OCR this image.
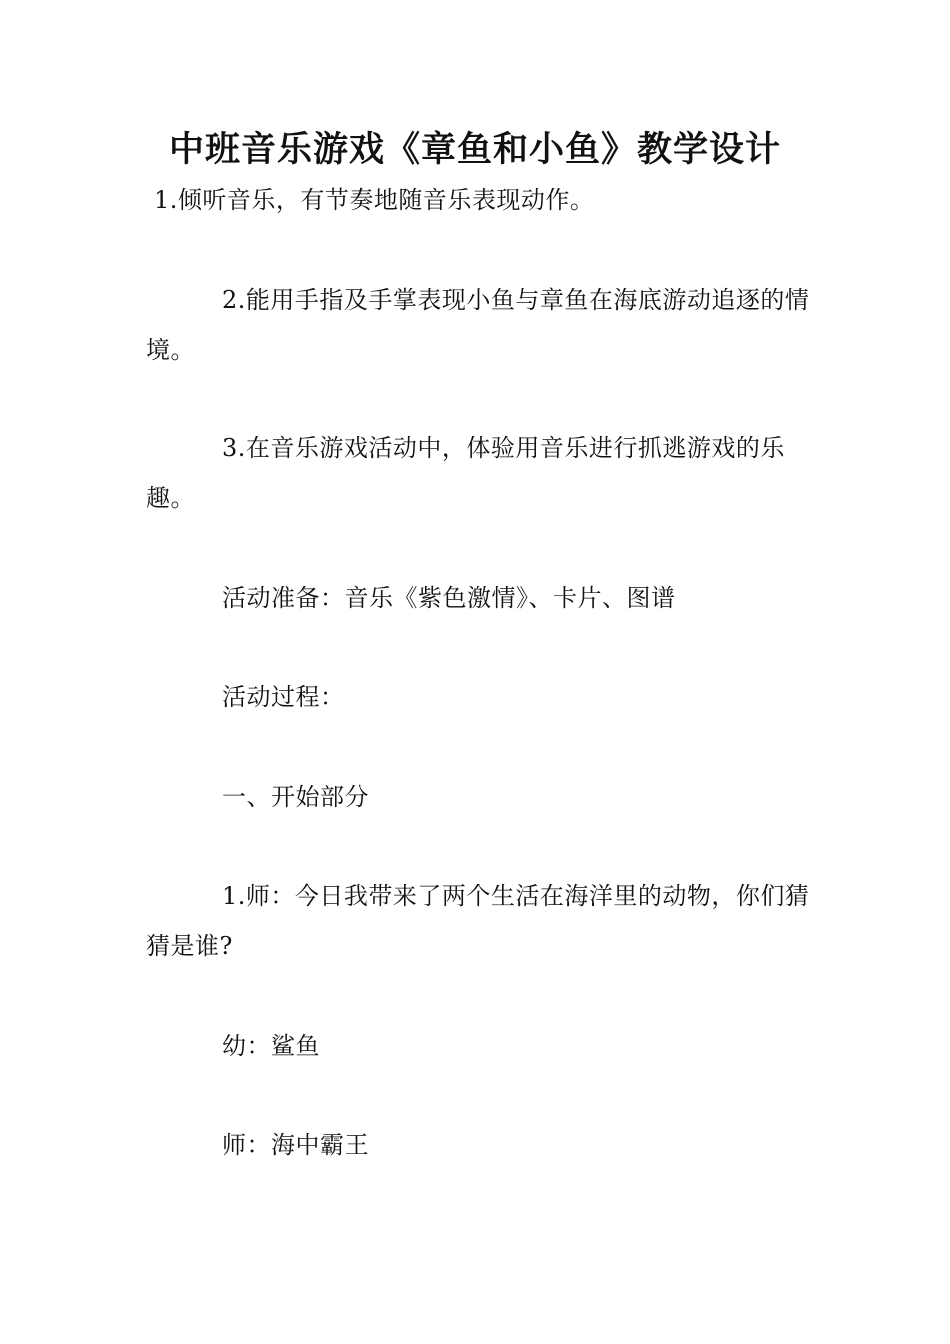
中班音乐游戏《章鱼和小鱼》教学设计

1.倾听音乐，有节奏地随音乐表现动作。

2.能用手指及手掌表现小鱼与章鱼在海底游动追逐的情境。

3.在音乐游戏活动中，体验用音乐进行抓逃游戏的乐趣。

活动准备：音乐《紫色激情》、卡片、图谱

活动过程：

一、开始部分

1.师：今日我带来了两个生活在海洋里的动物，你们猜猜是谁?

幼：鲨鱼

师：海中霸王
